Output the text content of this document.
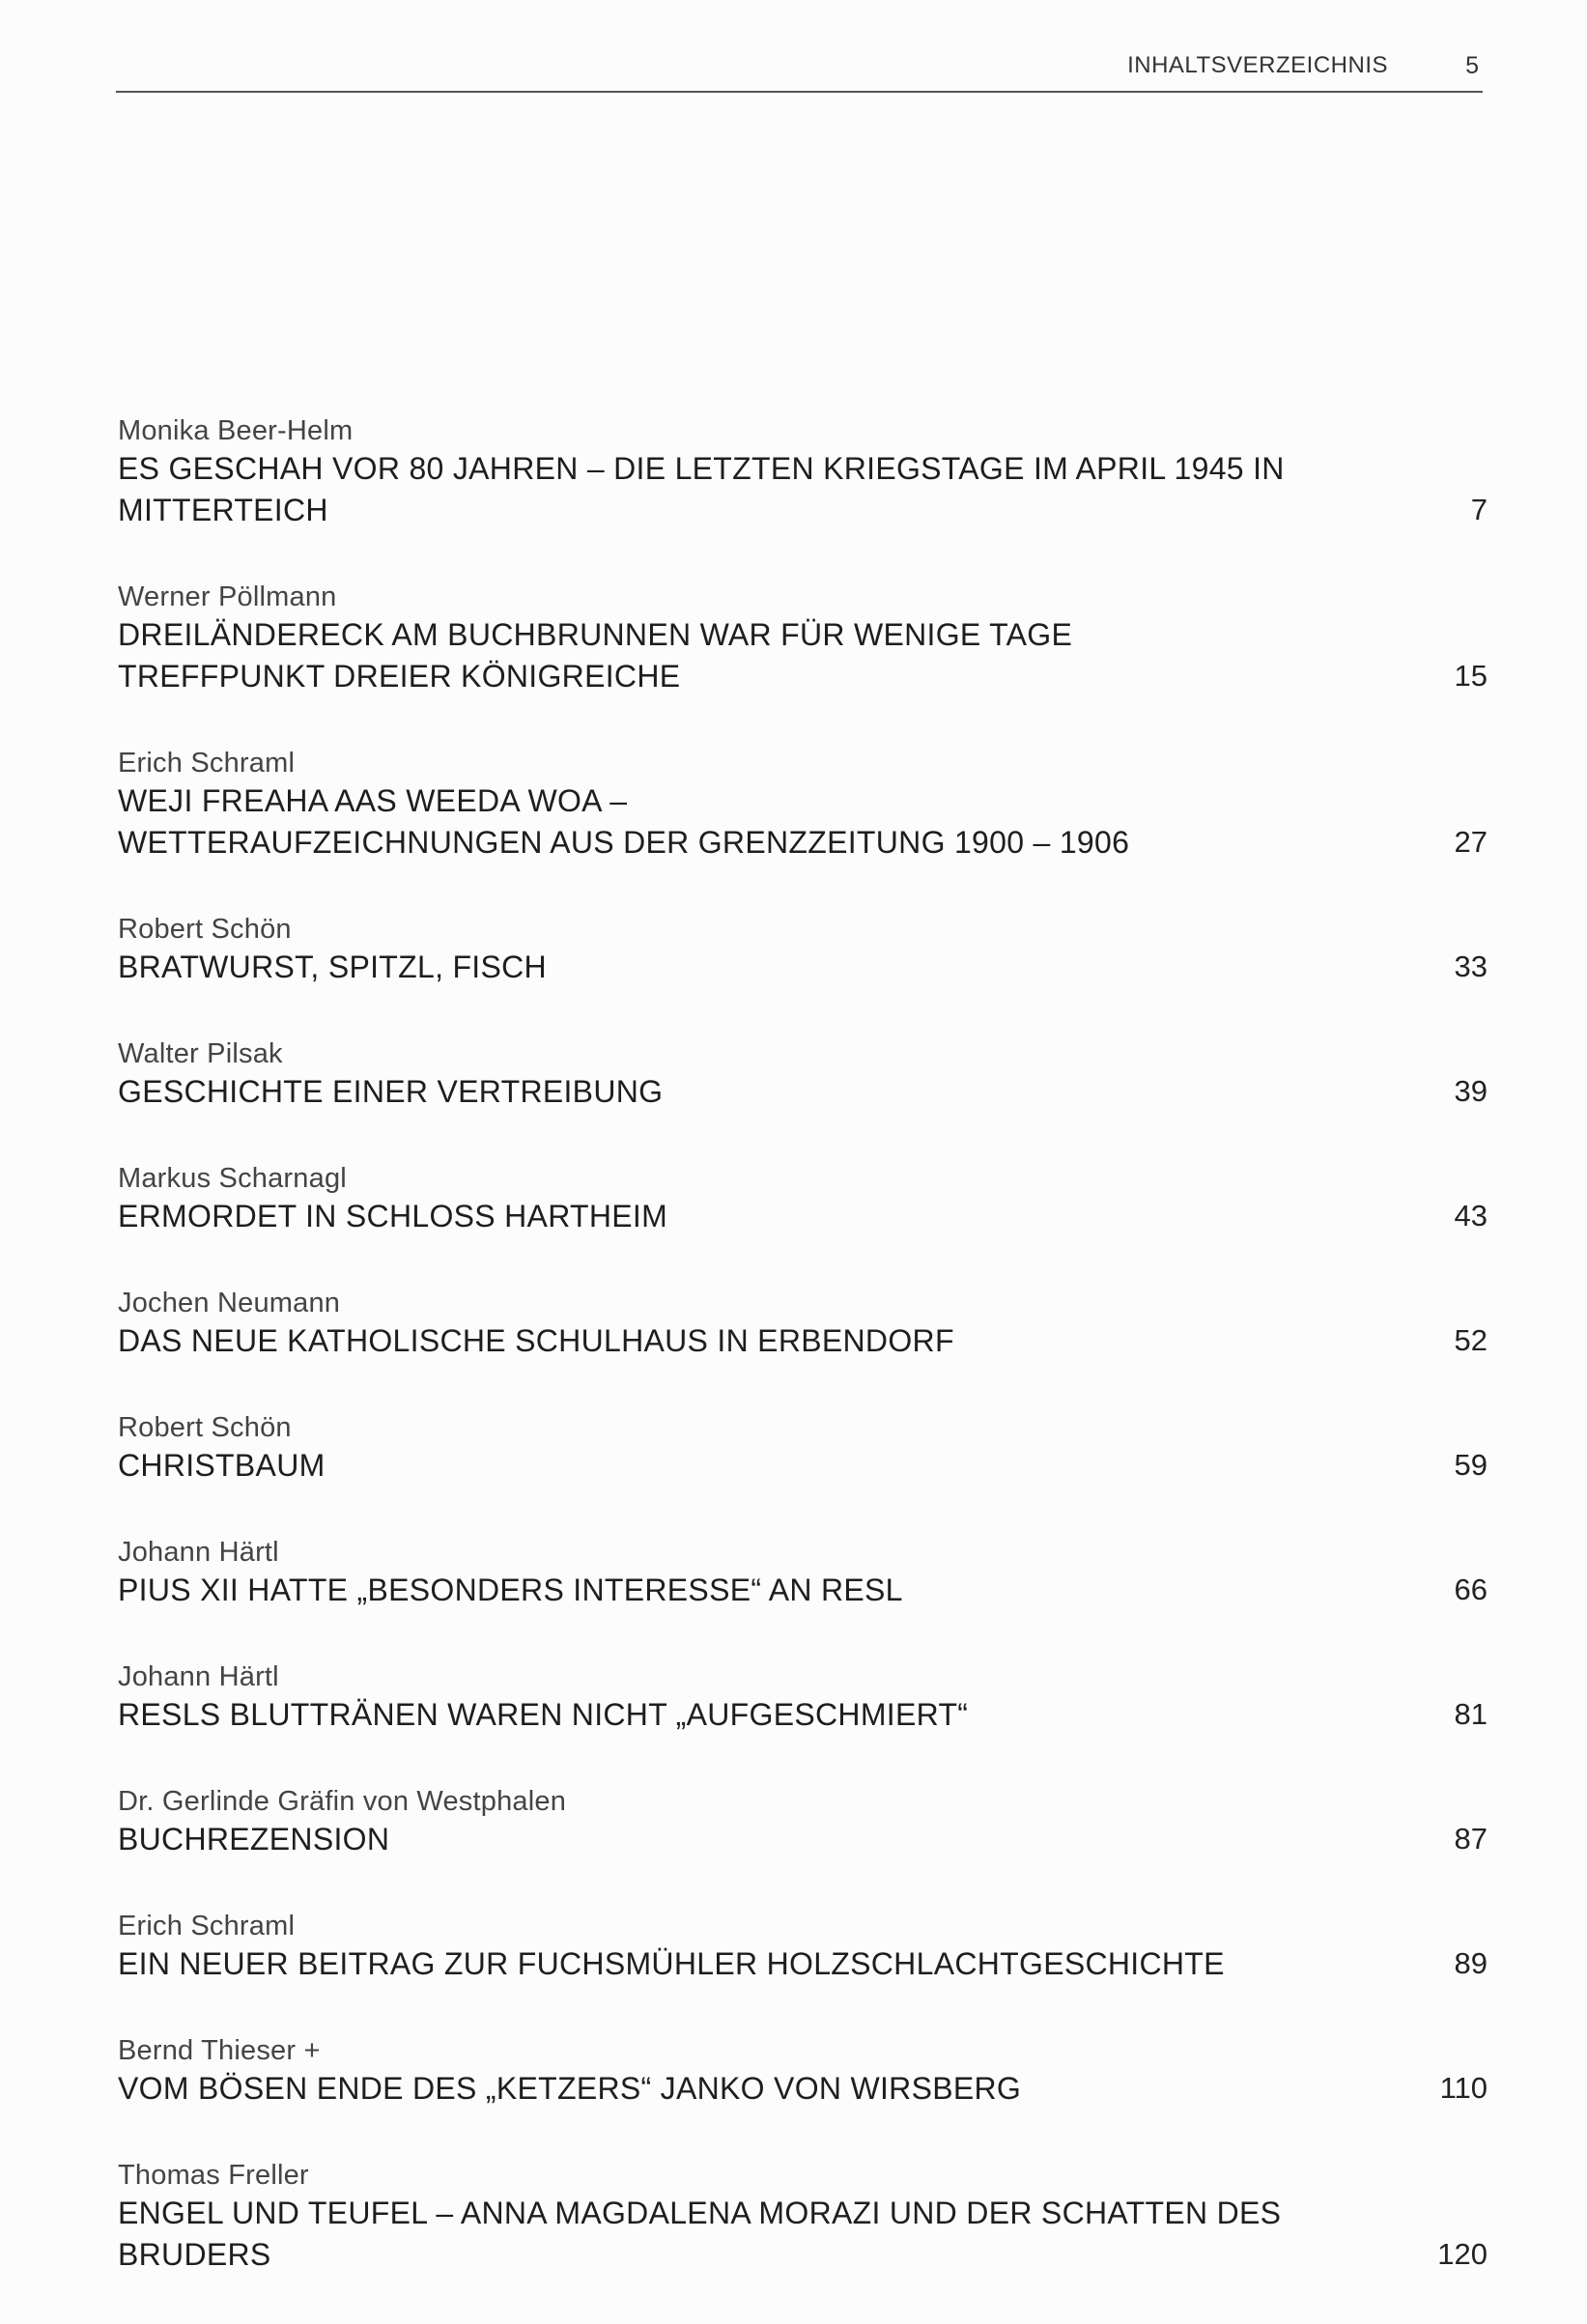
INHALTSVERZEICHNIS	5
Monika Beer-Helm
ES GESCHAH VOR 80 JAHREN – DIE LETZTEN KRIEGSTAGE IM APRIL 1945 IN MITTERTEICH	7
Werner Pöllmann
DREILÄNDERECK AM BUCHBRUNNEN WAR FÜR WENIGE TAGE
TREFFPUNKT DREIER KÖNIGREICHE	15
Erich Schraml
WEJI FREAHA AAS WEEDA WOA –
WETTERAUFZEICHNUNGEN AUS DER GRENZZEITUNG 1900 – 1906	27
Robert Schön
BRATWURST, SPITZL, FISCH	33
Walter Pilsak
GESCHICHTE EINER VERTREIBUNG	39
Markus Scharnagl
ERMORDET IN SCHLOSS HARTHEIM	43
Jochen Neumann
DAS NEUE KATHOLISCHE SCHULHAUS IN ERBENDORF	52
Robert Schön
CHRISTBAUM	59
Johann Härtl
PIUS XII HATTE „BESONDERS INTERESSE“ AN RESL	66
Johann Härtl
RESLS BLUTTRÄNEN WAREN NICHT „AUFGESCHMIERT“	81
Dr. Gerlinde Gräfin von Westphalen
BUCHREZENSION	87
Erich Schraml
EIN NEUER BEITRAG ZUR FUCHSMÜHLER HOLZSCHLACHTGESCHICHTE	89
Bernd Thieser +
VOM BÖSEN ENDE DES „KETZERS“ JANKO VON WIRSBERG	110
Thomas Freller
ENGEL UND TEUFEL – ANNA MAGDALENA MORAZI UND DER SCHATTEN DES BRUDERS	120
